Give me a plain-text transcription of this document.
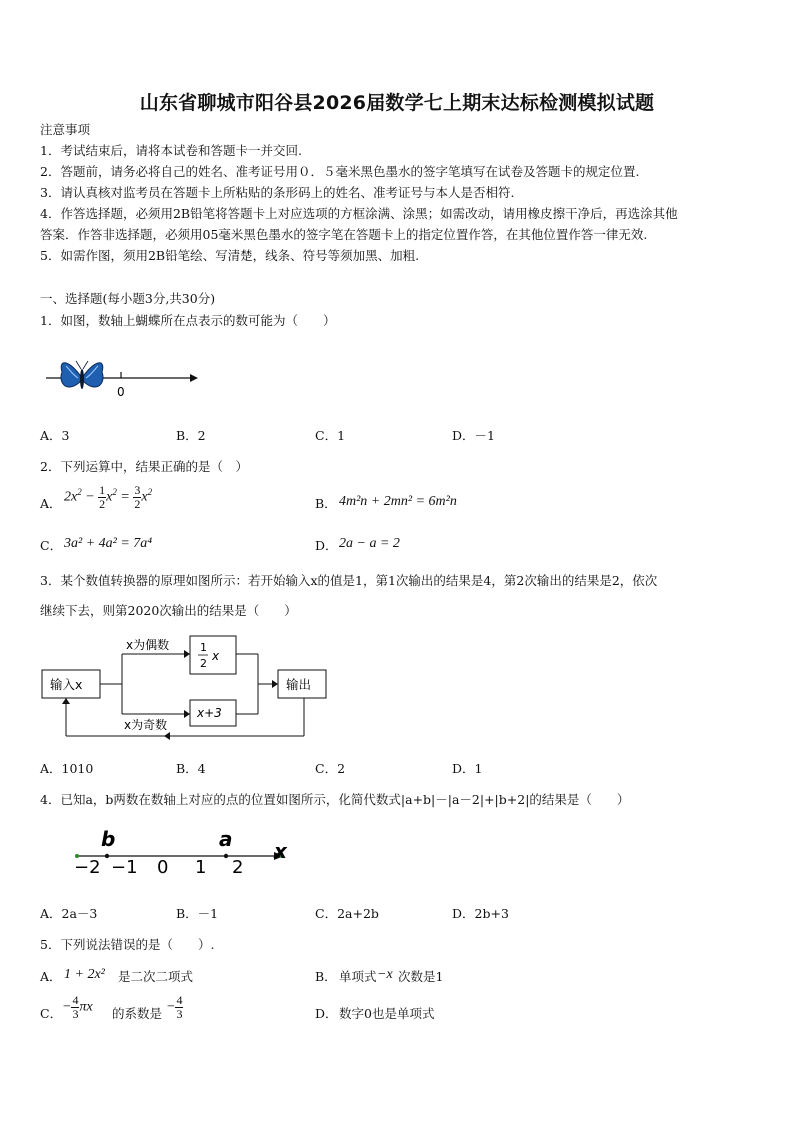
山东省聊城市阳谷县2026届数学七上期末达标检测模拟试题
注意事项
1．考试结束后，请将本试卷和答题卡一并交回.
2．答题前，请务必将自己的姓名、准考证号用０．５毫米黑色墨水的签字笔填写在试卷及答题卡的规定位置.
3．请认真核对监考员在答题卡上所粘贴的条形码上的姓名、准考证号与本人是否相符.
4．作答选择题，必须用2B铅笔将答题卡上对应选项的方框涂满、涂黑；如需改动，请用橡皮擦干净后，再选涂其他
答案．作答非选择题，必须用05毫米黑色墨水的签字笔在答题卡上的指定位置作答，在其他位置作答一律无效.
5．如需作图，须用2B铅笔绘、写清楚，线条、符号等须加黑、加粗.
一、选择题(每小题3分,共30分)
1．如图，数轴上蝴蝶所在点表示的数可能为（　　）
0
A．3	B．2	C．1	D．－1
2．下列运算中，结果正确的是（　）
A． $2x^2 - \frac{1}{2} x^2 = \frac{3}{2} x^2$
B． 4m²n + 2mn² = 6m²n
C． 3a² + 4a² = 7a⁴	D． 2a − a = 2
3．某个数值转换器的原理如图所示：若开始输入x的值是1，第1次输出的结果是4，第2次输出的结果是2，依次
继续下去，则第2020次输出的结果是（　　）
输入x
x为偶数
x为奇数
1
2
x
x+3
输出
A．1010	B．4	C．2	D．1
4．已知a，b两数在数轴上对应的点的位置如图所示，化简代数式|a+b|－|a－2|+|b+2|的结果是（　　）
b	a x
−2 −1 0 1 2
A．2a－3	B．－1	C．2a+2b	D．2b+3
5．下列说法错误的是（　　）.
A． 1 + 2x² 是二次二项式	B． 单项式 −x 次数是1
C． − $\frac{4}{3}$ πx 的系数是 − $\frac{4}{3}$	D． 数字0也是单项式
